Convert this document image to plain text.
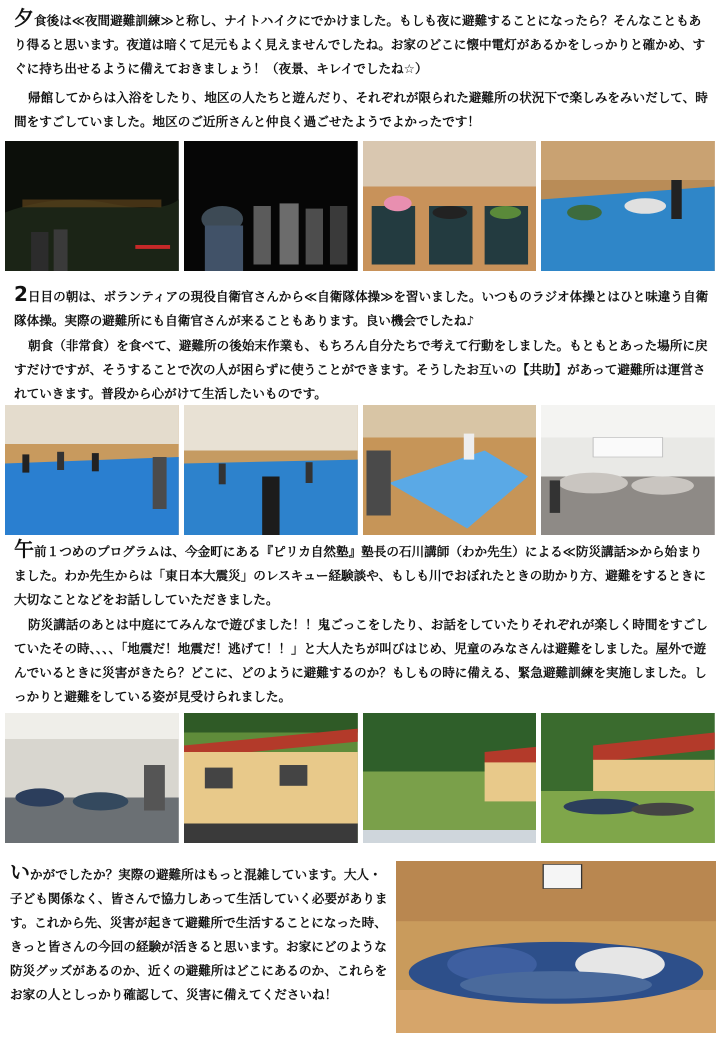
夕食後は≪夜間避難訓練≫と称し、ナイトハイクにでかけました。もしも夜に避難することになったら？そんなこともあり得ると思います。夜道は暗くて足元もよく見えませんでしたね。お家のどこに懐中電灯があるかをしっかりと確かめ、すぐに持ち出せるように備えておきましょう！（夜景、キレイでしたね☆）

帰館してからは入浴をしたり、地区の人たちと遊んだり、それぞれが限られた避難所の状況下で楽しみをみいだして、時間をすごしていました。地区のご近所さんと仲良く過ごせたようでよかったです！

2日目の朝は、ボランティアの現役自衛官さんから≪自衛隊体操≫を習いました。いつものラジオ体操とはひと味違う自衛隊体操。実際の避難所にも自衛官さんが来ることもあります。良い機会でしたね♪

朝食（非常食）を食べて、避難所の後始末作業も、もちろん自分たちで考えて行動をしました。もともとあった場所に戻すだけですが、そうすることで次の人が困らずに使うことができます。そうしたお互いの【共助】があって避難所は運営されていきます。普段から心がけて生活したいものです。

午前１つめのプログラムは、今金町にある『ピリカ自然塾』塾長の石川講師（わか先生）による≪防災講話≫から始まりました。わか先生からは「東日本大震災」のレスキュー経験談や、もしも川でおぼれたときの助かり方、避難をするときに大切なことなどをお話ししていただきました。

防災講話のあとは中庭にてみんなで遊びました！！鬼ごっこをしたり、お話をしていたりそれぞれが楽しく時間をすごしていたその時、、、、「地震だ！地震だ！逃げて！！」と大人たちが叫びはじめ、児童のみなさんは避難をしました。屋外で遊んでいるときに災害がきたら？どこに、どのように避難するのか？もしもの時に備える、緊急避難訓練を実施しました。しっかりと避難をしている姿が見受けられました。

いかがでしたか？実際の避難所はもっと混雑しています。大人・子ども関係なく、皆さんで協力しあって生活していく必要があります。これから先、災害が起きて避難所で生活することになった時、きっと皆さんの今回の経験が活きると思います。お家にどのような防災グッズがあるのか、近くの避難所はどこにあるのか、これらをお家の人としっかり確認して、災害に備えてくださいね！
